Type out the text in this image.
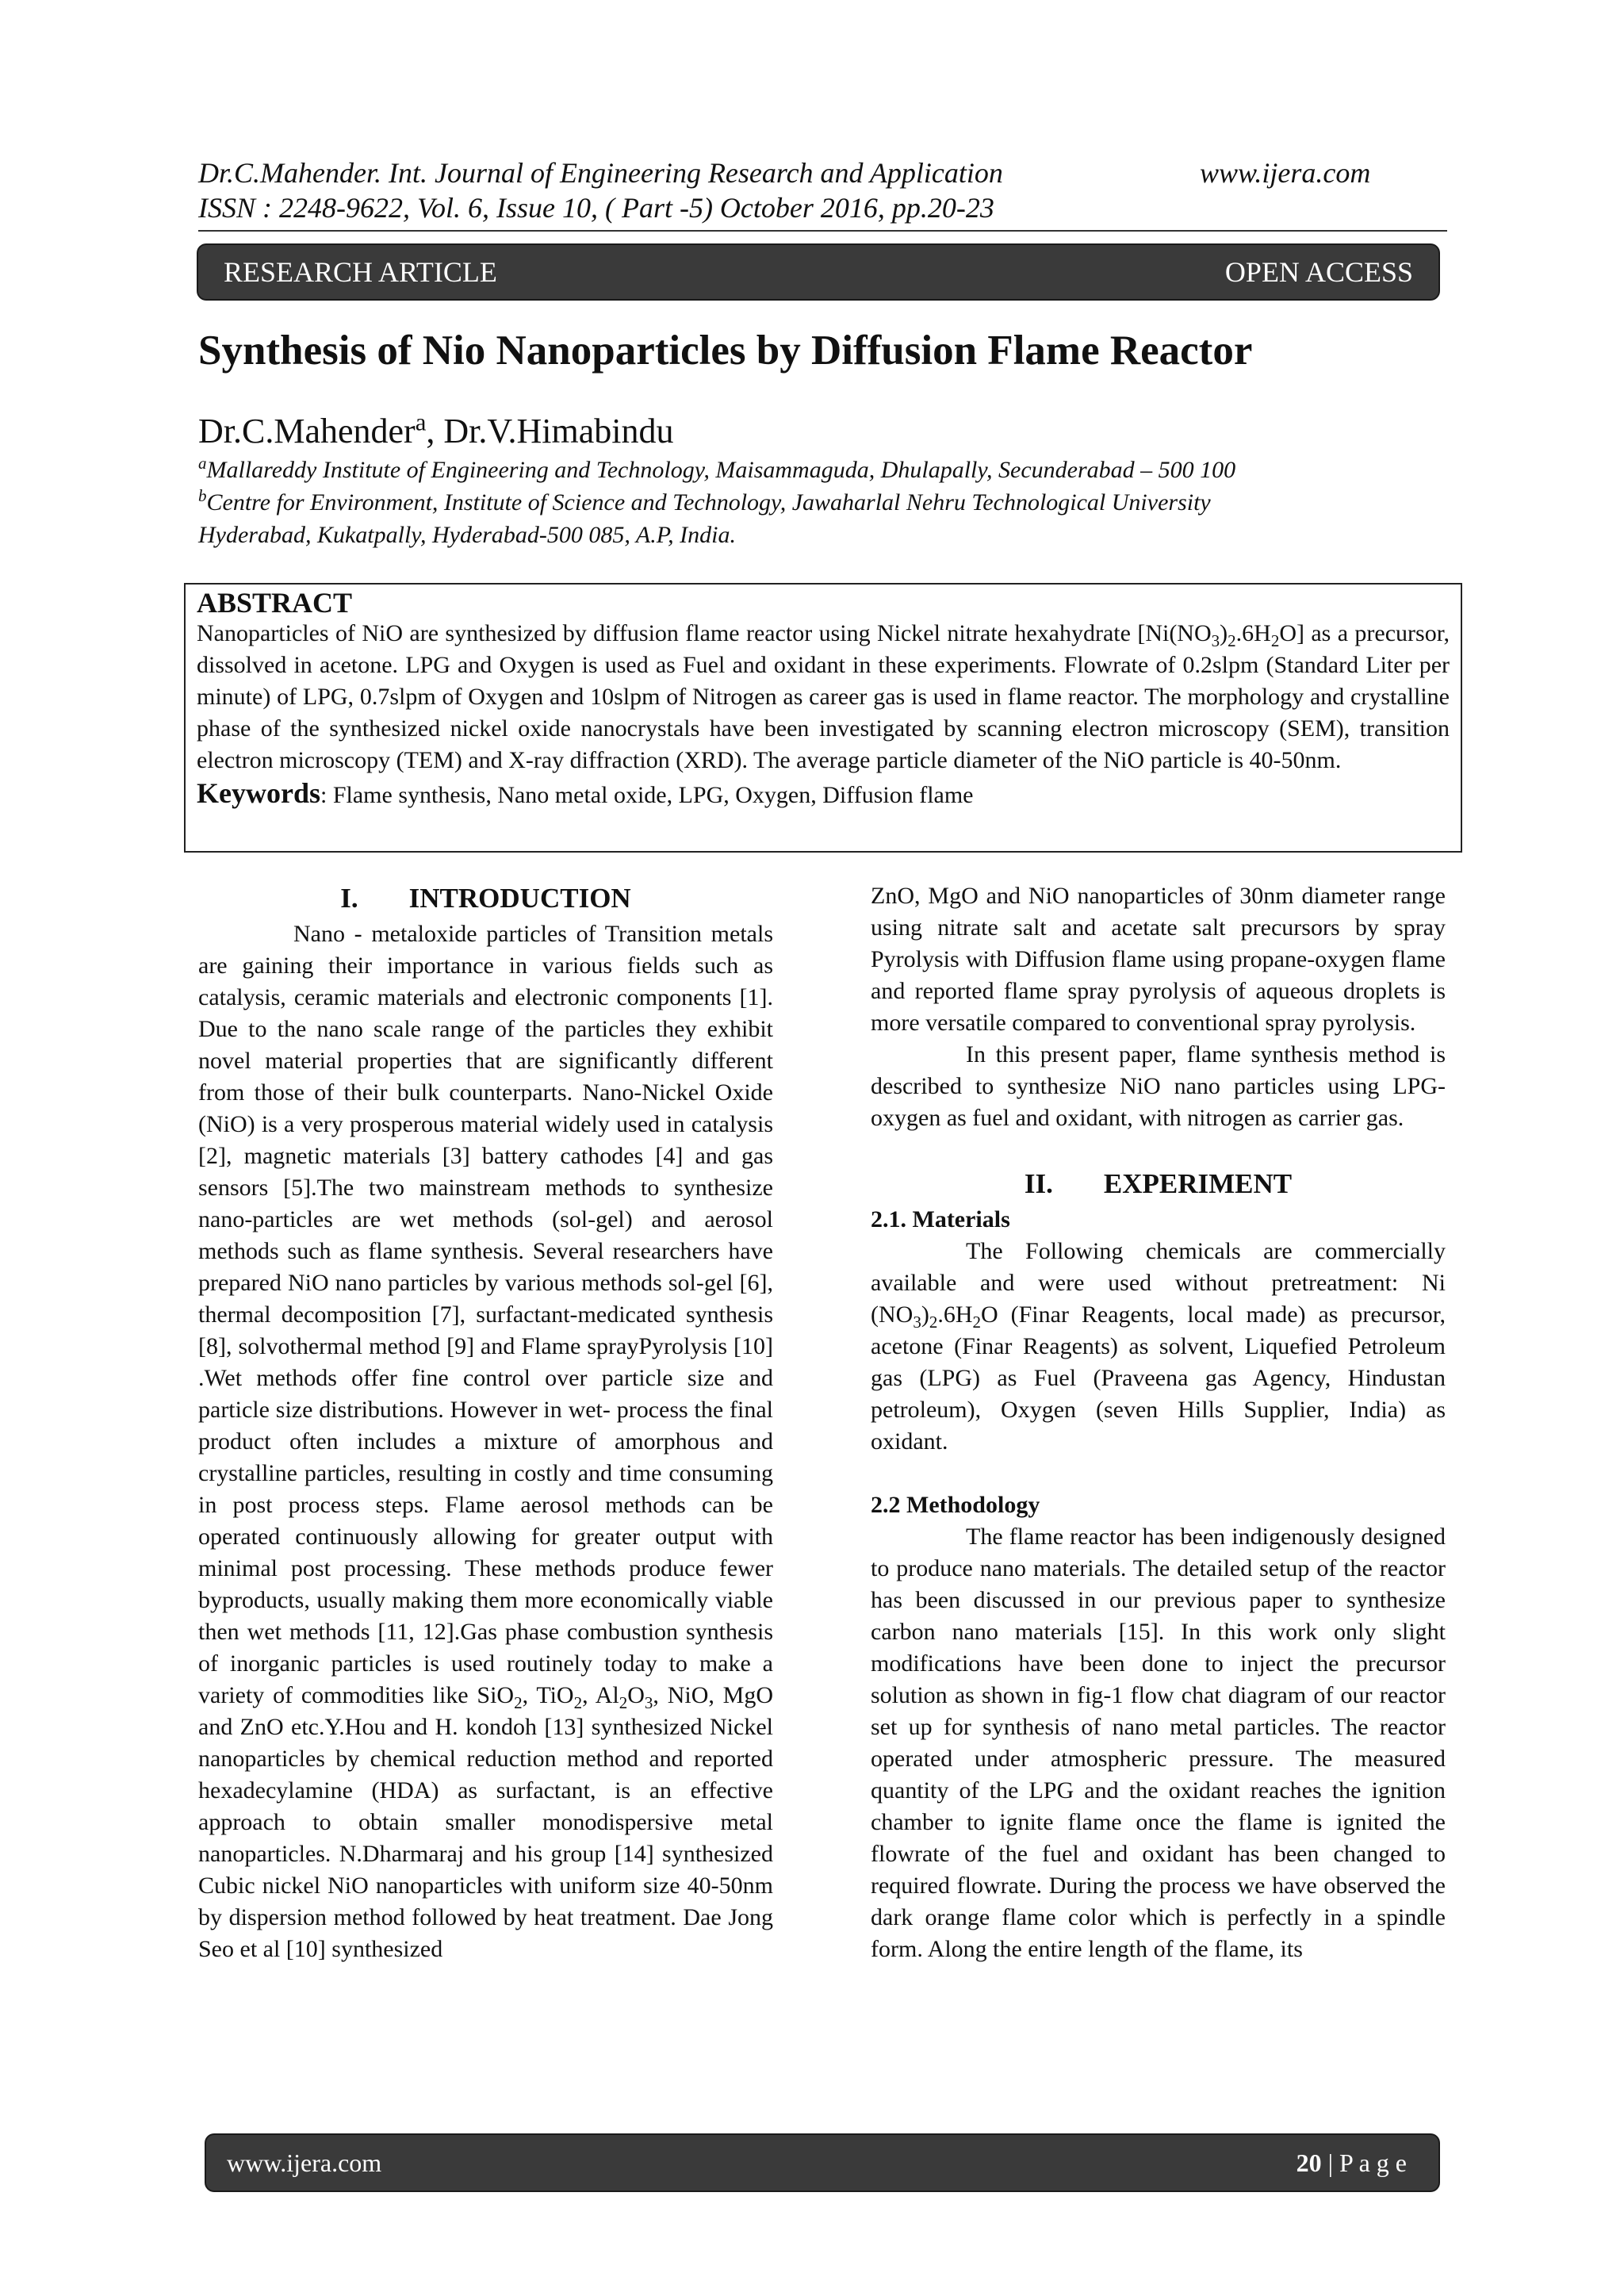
Dr.C.Mahender. Int. Journal of Engineering Research and Application	www.ijera.com
ISSN : 2248-9622, Vol. 6, Issue 10, ( Part -5) October 2016, pp.20-23
RESEARCH ARTICLE	OPEN ACCESS
Synthesis of Nio Nanoparticles by Diffusion Flame Reactor
Dr.C.Mahender$^a$, Dr.V.Himabindu
$^a$Mallareddy Institute of Engineering and Technology, Maisammaguda, Dhulapally, Secunderabad – 500 100
$^b$Centre for Environment, Institute of Science and Technology, Jawaharlal Nehru Technological University
Hyderabad, Kukatpally, Hyderabad-500 085, A.P, India.
ABSTRACT

Nanoparticles of NiO are synthesized by diffusion flame reactor using Nickel nitrate hexahydrate $[Ni(NO_3)_2.6H_2O]$ as a precursor, dissolved in acetone. LPG and Oxygen is used as Fuel and oxidant in these experiments. Flowrate of 0.2slpm (Standard Liter per minute) of LPG, 0.7slpm of Oxygen and 10slpm of Nitrogen as career gas is used in flame reactor. The morphology and crystalline phase of the synthesized nickel oxide nanocrystals have been investigated by scanning electron microscopy (SEM), transition electron microscopy (TEM) and X-ray diffraction (XRD). The average particle diameter of the NiO particle is 40-50nm.

Keywords: Flame synthesis, Nano metal oxide, LPG, Oxygen, Diffusion flame
I. INTRODUCTION

Nano - metaloxide particles of Transition metals are gaining their importance in various fields such as catalysis, ceramic materials and electronic components [1]. Due to the nano scale range of the particles they exhibit novel material properties that are significantly different from those of their bulk counterparts. Nano-Nickel Oxide (NiO) is a very prosperous material widely used in catalysis [2], magnetic materials [3] battery cathodes [4] and gas sensors [5].The two mainstream methods to synthesize nano-particles are wet methods (sol-gel) and aerosol methods such as flame synthesis. Several researchers have prepared NiO nano particles by various methods sol-gel [6], thermal decomposition [7], surfactant-medicated synthesis [8], solvothermal method [9] and Flame sprayPyrolysis [10] .Wet methods offer fine control over particle size and particle size distributions. However in wet- process the final product often includes a mixture of amorphous and crystalline particles, resulting in costly and time consuming in post process steps. Flame aerosol methods can be operated continuously allowing for greater output with minimal post processing. These methods produce fewer byproducts, usually making them more economically viable then wet methods [11, 12].Gas phase combustion synthesis of inorganic particles is used routinely today to make a variety of commodities like SiO$_2$, TiO$_2$, $Al_2O_3$, NiO, MgO and ZnO etc.Y.Hou and H. kondoh [13] synthesized Nickel nanoparticles by chemical reduction method and reported hexadecylamine (HDA) as surfactant, is an effective approach to obtain smaller monodispersive metal nanoparticles. N.Dharmaraj and his group [14] synthesized Cubic nickel NiO nanoparticles with uniform size 40-50nm by dispersion method followed by heat treatment. Dae Jong Seo et al [10] synthesized

ZnO, MgO and NiO nanoparticles of 30nm diameter range using nitrate salt and acetate salt precursors by spray Pyrolysis with Diffusion flame using propane-oxygen flame and reported flame spray pyrolysis of aqueous droplets is more versatile compared to conventional spray pyrolysis.

In this present paper, flame synthesis method is described to synthesize NiO nano particles using LPG-oxygen as fuel and oxidant, with nitrogen as carrier gas.

II. EXPERIMENT
2.1. Materials

The Following chemicals are commercially available and were used without pretreatment: Ni $(NO_3)_2.6H_2O$ (Finar Reagents, local made) as precursor, acetone (Finar Reagents) as solvent, Liquefied Petroleum gas (LPG) as Fuel (Praveena gas Agency, Hindustan petroleum), Oxygen (seven Hills Supplier, India) as oxidant.

2.2 Methodology

The flame reactor has been indigenously designed to produce nano materials. The detailed setup of the reactor has been discussed in our previous paper to synthesize carbon nano materials [15]. In this work only slight modifications have been done to inject the precursor solution as shown in fig-1 flow chat diagram of our reactor set up for synthesis of nano metal particles. The reactor operated under atmospheric pressure. The measured quantity of the LPG and the oxidant reaches the ignition chamber to ignite flame once the flame is ignited the flowrate of the fuel and oxidant has been changed to required flowrate. During the process we have observed the dark orange flame color which is perfectly in a spindle form. Along the entire length of the flame, its

www.ijera.com	20 | P a g e
